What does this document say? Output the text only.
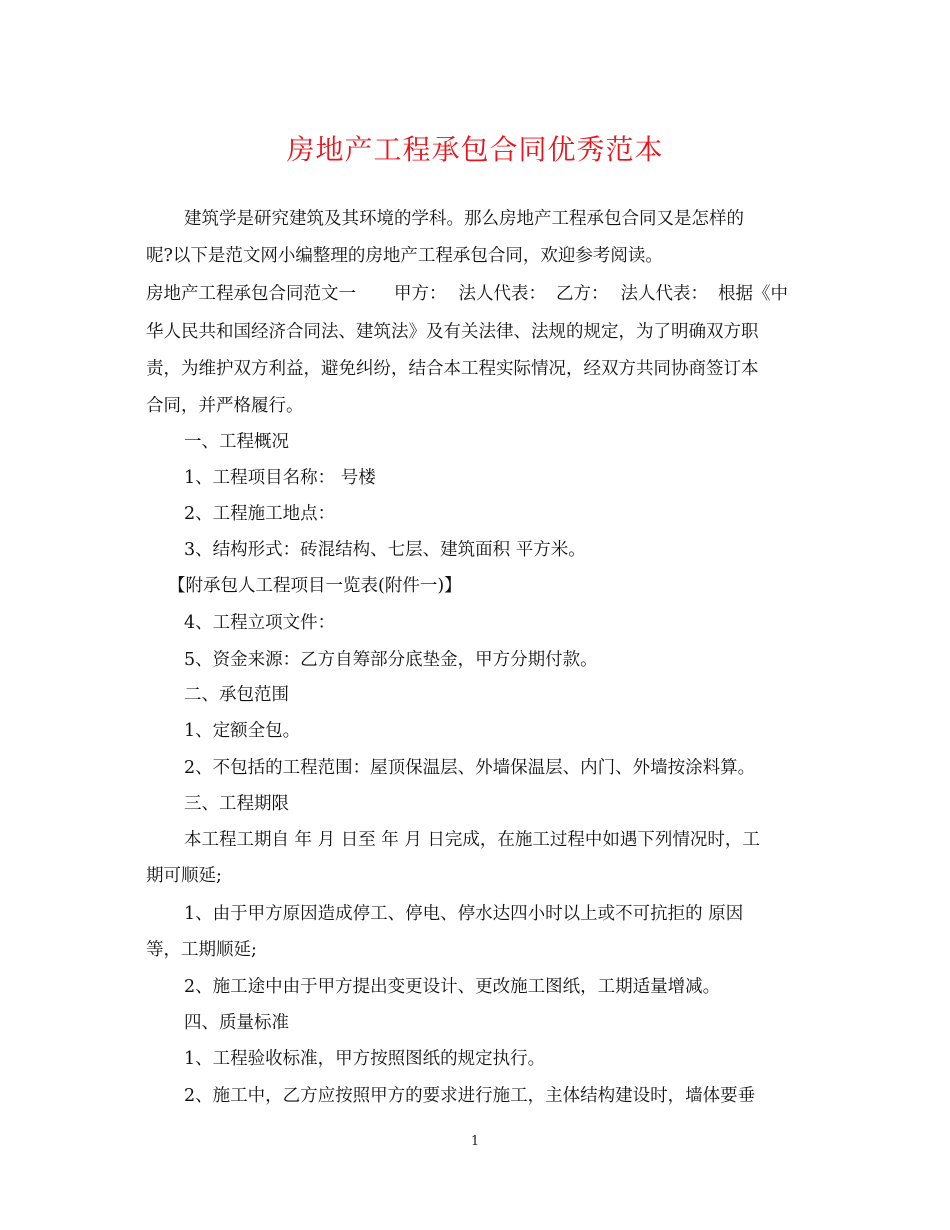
房地产工程承包合同优秀范本
建筑学是研究建筑及其环境的学科。那么房地产工程承包合同又是怎样的
呢?以下是范文网小编整理的房地产工程承包合同，欢迎参考阅读。
房地产工程承包合同范文一 甲方： 法人代表： 乙方： 法人代表： 根据《中
华人民共和国经济合同法、建筑法》及有关法律、法规的规定，为了明确双方职
责，为维护双方利益，避免纠纷，结合本工程实际情况，经双方共同协商签订本
合同，并严格履行。
一、工程概况
1、工程项目名称： 号楼
2、工程施工地点：
3、结构形式：砖混结构、七层、建筑面积 平方米。
【附承包人工程项目一览表(附件一)】
4、工程立项文件：
5、资金来源：乙方自筹部分底垫金，甲方分期付款。
二、承包范围
1、定额全包。
2、不包括的工程范围：屋顶保温层、外墙保温层、内门、外墙按涂料算。
三、工程期限
本工程工期自 年 月 日至 年 月 日完成，在施工过程中如遇下列情况时，工
期可顺延;
1、由于甲方原因造成停工、停电、停水达四小时以上或不可抗拒的 原因
等，工期顺延;
2、施工途中由于甲方提出变更设计、更改施工图纸，工期适量增减。
四、质量标准
1、工程验收标准，甲方按照图纸的规定执行。
2、施工中，乙方应按照甲方的要求进行施工，主体结构建设时，墙体要垂
1
